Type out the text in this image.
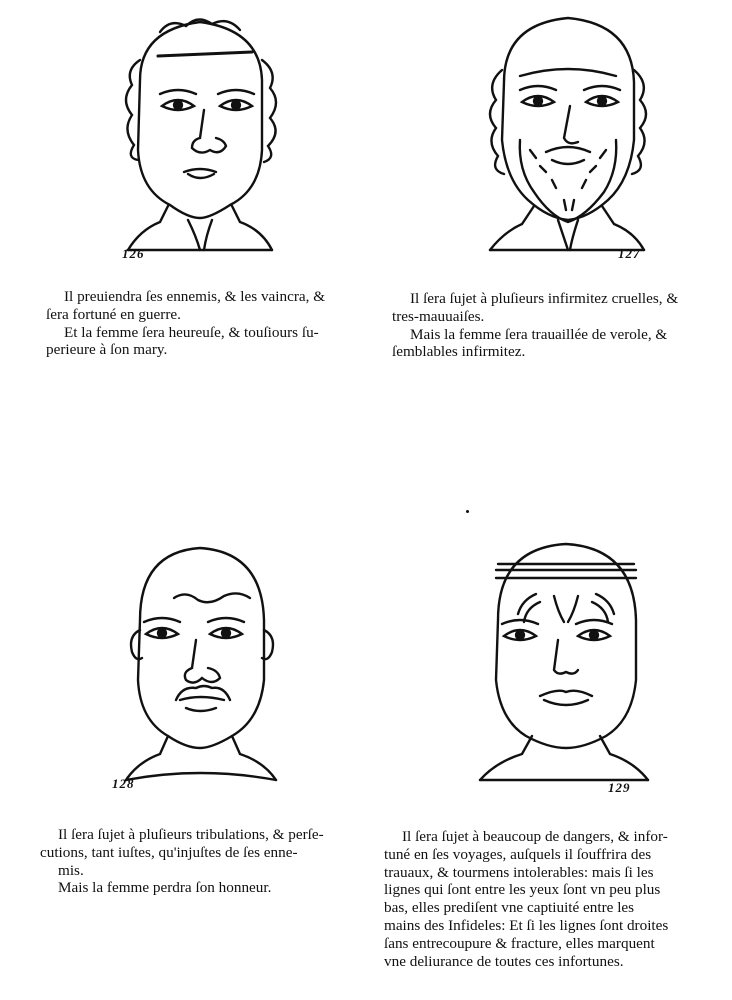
126	127
Il preuiendra ſes ennemis, & les vaincra, &
ſera fortuné en guerre.
Et la femme ſera heureuſe, & touſiours ſu-
perieure à ſon mary.
Il ſera ſujet à pluſieurs infirmitez cruelles, &
tres-mauuaiſes.
Mais la femme ſera trauaillée de verole, &
ſemblables infirmitez.
128	129
Il ſera ſujet à pluſieurs tribulations, & perſe-
cutions, tant iuſtes, qu'injuſtes de ſes enne-
mis.
Mais la femme perdra ſon honneur.
Il ſera ſujet à beaucoup de dangers, & infor-
tuné en ſes voyages, auſquels il ſouffrira des
trauaux, & tourmens intolerables: mais ſi les
lignes qui ſont entre les yeux ſont vn peu plus
bas, elles prediſent vne captiuité entre les
mains des Infideles: Et ſi les lignes ſont droites
ſans entrecoupure & fracture, elles marquent
vne deliurance de toutes ces infortunes.
